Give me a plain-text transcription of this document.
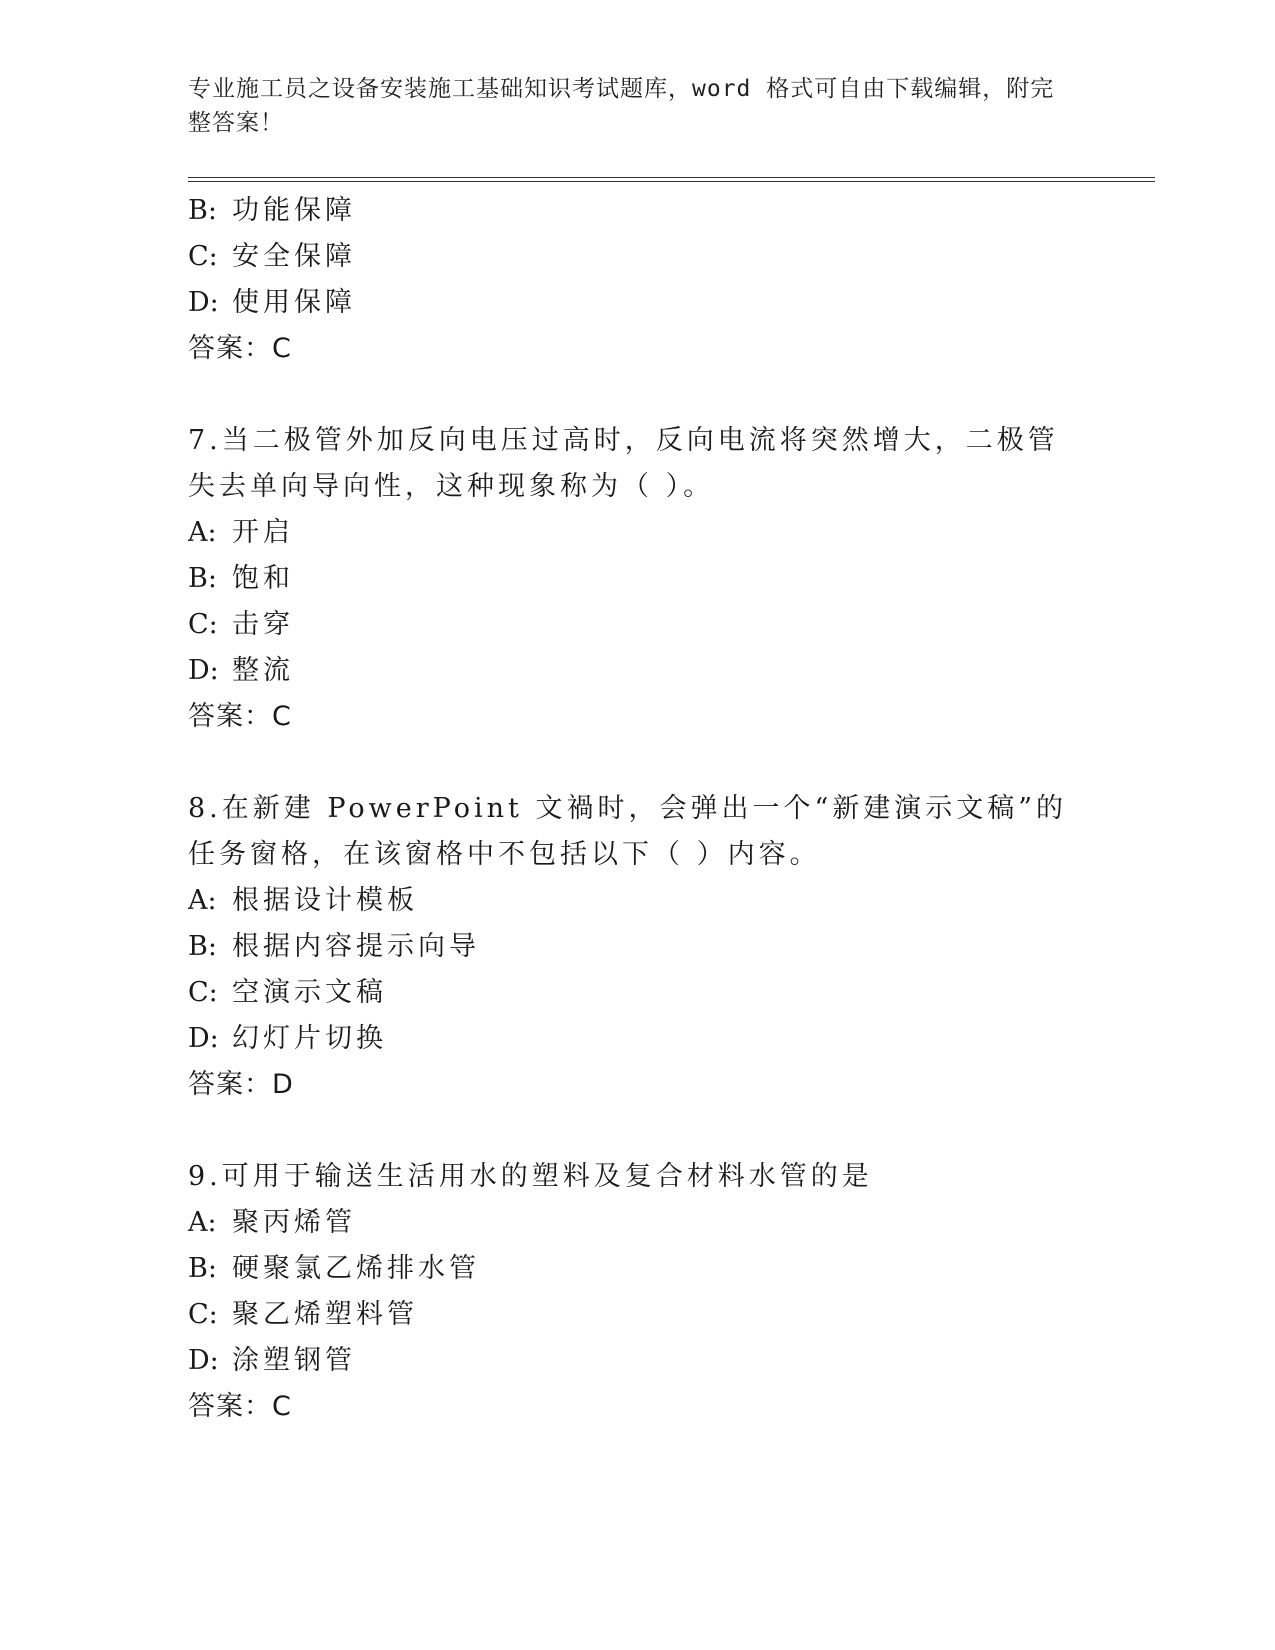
专业施工员之设备安装施工基础知识考试题库，word 格式可自由下载编辑，附完整答案！
B: 功能保障
C: 安全保障
D: 使用保障
答案：C
7.当二极管外加反向电压过高时，反向电流将突然增大，二极管失去单向导向性，这种现象称为（ ）。
A: 开启
B: 饱和
C: 击穿
D: 整流
答案：C
8.在新建 PowerPoint 文禍时，会弹出一个“新建演示文稿”的任务窗格，在该窗格中不包括以下（ ）内容。
A: 根据设计模板
B: 根据内容提示向导
C: 空演示文稿
D: 幻灯片切换
答案：D
9.可用于输送生活用水的塑料及复合材料水管的是
A: 聚丙烯管
B: 硬聚氯乙烯排水管
C: 聚乙烯塑料管
D: 涂塑钢管
答案：C
